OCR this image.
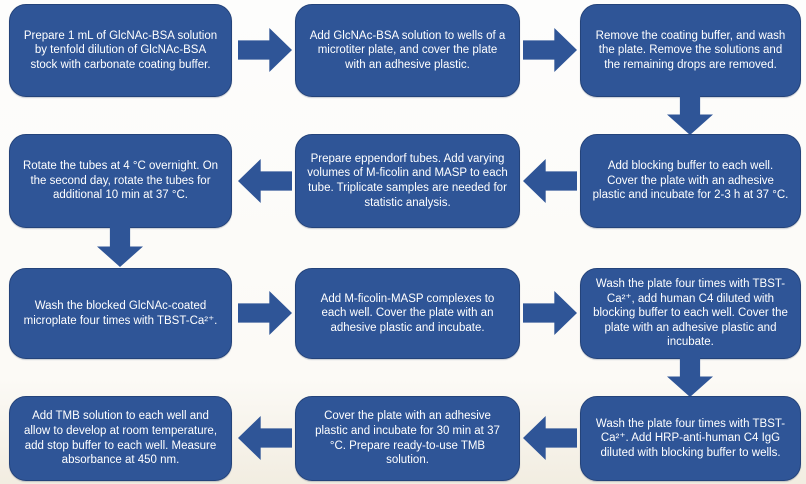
Prepare 1 mL of GlcNAc-BSA solution by tenfold dilution of GlcNAc-BSA stock with carbonate coating buffer.
Add GlcNAc-BSA solution to wells of a microtiter plate, and cover the plate with an adhesive plastic.
Remove the coating buffer, and wash the plate. Remove the solutions and the remaining drops are removed.
Add blocking buffer to each well. Cover the plate with an adhesive plastic and incubate for 2-3 h at 37 °C.
Prepare eppendorf tubes. Add varying volumes of M-ficolin and MASP to each tube. Triplicate samples are needed for statistic analysis.
Rotate the tubes at 4 °C overnight. On the second day, rotate the tubes for additional 10 min at 37 °C.
Wash the blocked GlcNAc-coated microplate four times with TBST-Ca²⁺.
Add M-ficolin-MASP complexes to each well. Cover the plate with an adhesive plastic and incubate.
Wash the plate four times with TBST-Ca²⁺, add human C4 diluted with blocking buffer to each well. Cover the plate with an adhesive plastic and incubate.
Wash the plate four times with TBST-Ca²⁺. Add HRP-anti-human C4 IgG diluted with blocking buffer to wells.
Cover the plate with an adhesive plastic and incubate for 30 min at 37 °C. Prepare ready-to-use TMB solution.
Add TMB solution to each well and allow to develop at room temperature, add stop buffer to each well. Measure absorbance at 450 nm.
